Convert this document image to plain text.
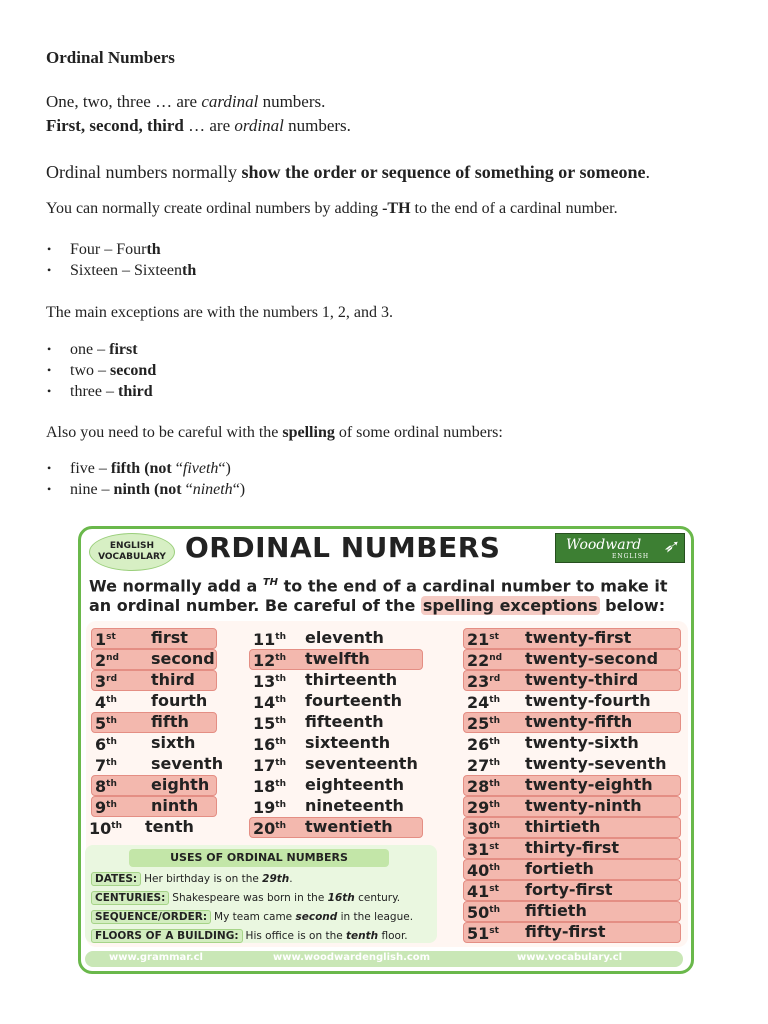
Ordinal Numbers
One, two, three … are cardinal numbers.
First, second, third … are ordinal numbers.
Ordinal numbers normally show the order or sequence of something or someone.
You can normally create ordinal numbers by adding -TH to the end of a cardinal number.
• Four – Fourth
• Sixteen – Sixteenth
The main exceptions are with the numbers 1, 2, and 3.
• one – first
• two – second
• three – third
Also you need to be careful with the spelling of some ordinal numbers:
• five – fifth (not “fiveth“)
• nine – ninth (not “nineth“)
ENGLISH
VOCABULARY ORDINAL NUMBERS	Woodward
ENGLISH ➶
We normally add a $^{TH}$ to the end of a cardinal number to make it
an ordinal number. Be careful of the spelling exceptions below:
1st first
2nd second
3rd third
4th fourth
5th fifth
6th sixth
7th seventh
8th eighth
9th ninth
10th tenth
11th eleventh
12th twelfth
13th thirteenth
14th fourteenth
15th fifteenth
16th sixteenth
17th seventeenth
18th eighteenth
19th nineteenth
20th twentieth
21st twenty-first
22nd twenty-second
23rd twenty-third
24th twenty-fourth
25th twenty-fifth
26th twenty-sixth
27th twenty-seventh
28th twenty-eighth
29th twenty-ninth
30th thirtieth
31st thirty-first
40th fortieth
41st forty-first
50th fiftieth
51st fifty-first
USES OF ORDINAL NUMBERS
DATES: Her birthday is on the 29th.
CENTURIES: Shakespeare was born in the 16th century.
SEQUENCE/ORDER: My team came second in the league.
FLOORS OF A BUILDING: His office is on the tenth floor.
www.grammar.cl	www.woodwardenglish.com	www.vocabulary.cl
